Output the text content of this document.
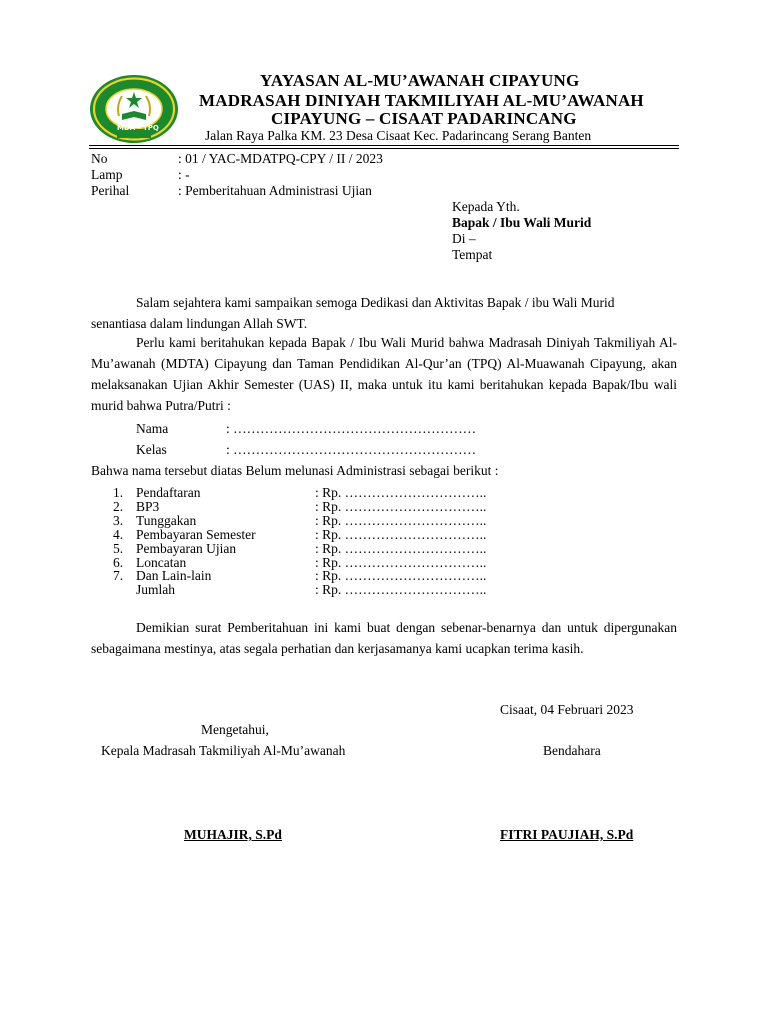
MDA - TPQ
YAYASAN AL-MU’AWANAH CIPAYUNG
MADRASAH DINIYAH TAKMILIYAH AL-MU’AWANAH
CIPAYUNG – CISAAT PADARINCANG
Jalan Raya Palka KM. 23 Desa Cisaat Kec. Padarincang Serang Banten
No	: 01 / YAC-MDATPQ-CPY / II / 2023
Lamp	: -
Perihal	: Pemberitahuan Administrasi Ujian
Kepada Yth.
Bapak / Ibu Wali Murid
Di –
Tempat
Salam sejahtera kami sampaikan semoga Dedikasi dan Aktivitas Bapak / ibu Wali Murid
senantiasa dalam lindungan Allah SWT.
Perlu kami beritahukan kepada Bapak / Ibu Wali Murid bahwa Madrasah Diniyah Takmiliyah Al-Mu’awanah (MDTA) Cipayung dan Taman Pendidikan Al-Qur’an (TPQ) Al-Muawanah Cipayung, akan melaksanakan Ujian Akhir Semester (UAS) II, maka untuk itu kami beritahukan kepada Bapak/Ibu wali murid bahwa Putra/Putri :
Nama	: ………………………………………………
Kelas	: ………………………………………………
Bahwa nama tersebut diatas Belum melunasi Administrasi sebagai berikut :
1. Pendaftaran	: Rp. …………………………..
2. BP3	: Rp. …………………………..
3. Tunggakan	: Rp. …………………………..
4. Pembayaran Semester	: Rp. …………………………..
5. Pembayaran Ujian	: Rp. …………………………..
6. Loncatan	: Rp. …………………………..
7. Dan Lain-lain	: Rp. …………………………..
Jumlah	: Rp. …………………………..
Demikian surat Pemberitahuan ini kami buat dengan sebenar-benarnya dan untuk dipergunakan sebagaimana mestinya, atas segala perhatian dan kerjasamanya kami ucapkan terima kasih.
Cisaat, 04 Februari 2023
Mengetahui,
Kepala Madrasah Takmiliyah Al-Mu’awanah	Bendahara
MUHAJIR, S.Pd	FITRI PAUJIAH, S.Pd
